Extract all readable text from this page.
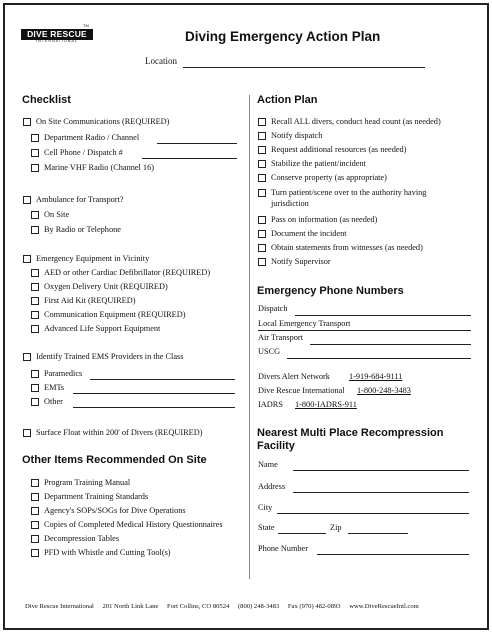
DIVE RESCUE
INTERNATIONAL
TM
Diving Emergency Action Plan
Location
Checklist
On Site Communications (REQUIRED)
Department Radio / Channel
Cell Phone / Dispatch #
Marine VHF Radio (Channel 16)
Ambulance for Transport?
On Site
By Radio or Telephone
Emergency Equipment in Vicinity
AED or other Cardiac Defibrillator (REQUIRED)
Oxygen Delivery Unit (REQUIRED)
First Aid Kit (REQUIRED)
Communication Equipment (REQUIRED)
Advanced Life Support Equipment
Identify Trained EMS Providers in the Class
Paramedics
EMTs
Other
Surface Float within 200' of Divers (REQUIRED)
Other Items Recommended On Site
Program Training Manual
Department Training Standards
Agency's SOPs/SOGs for Dive Operations
Copies of Completed Medical History Questionnaires
Decompression Tables
PFD with Whistle and Cutting Tool(s)
Action Plan
Recall ALL divers, conduct head count (as needed)
Notify dispatch
Request additional resources (as needed)
Stabilize the patient/incident
Conserve property (as appropriate)
Turn patient/scene over to the authority having jurisdiction
Pass on information (as needed)
Document the incident
Obtain statements from witnesses (as needed)
Notify Supervisor
Emergency Phone Numbers
Dispatch
Local Emergency Transport
Air Transport
USCG
Divers Alert Network 1-919-684-9111
Dive Rescue International 1-800-248-3483
IADRS 1-800-IADRS-911
Nearest Multi Place Recompression Facility
Name
Address
City
State	Zip
Phone Number
Dive Rescue International 201 North Link Lane Fort Collins, CO 80524 (800) 248-3483 Fax (970) 482-0893 www.DiveRescueIntl.com
